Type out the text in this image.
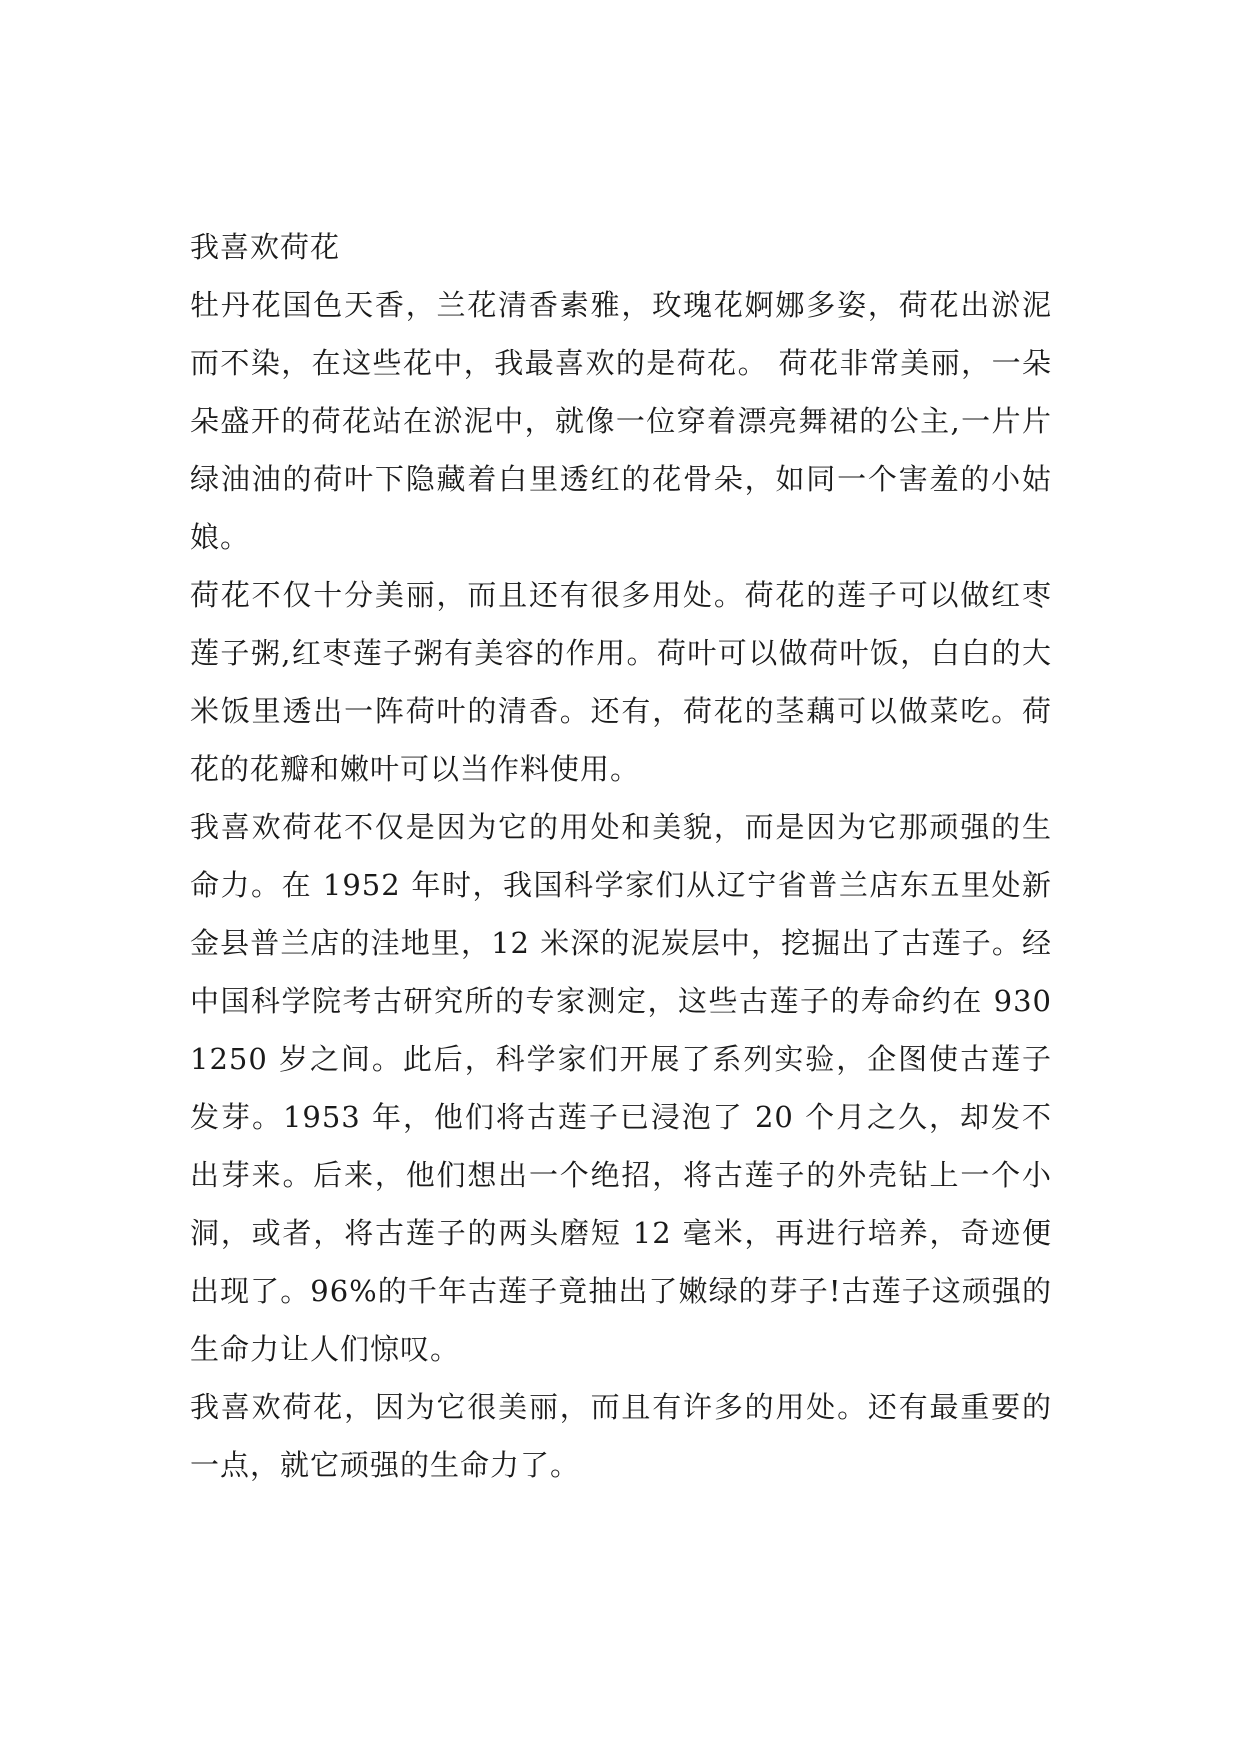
我喜欢荷花

牡丹花国色天香，兰花清香素雅，玫瑰花婀娜多姿，荷花出淤泥而不染，在这些花中，我最喜欢的是荷花。 荷花非常美丽，一朵朵盛开的荷花站在淤泥中，就像一位穿着漂亮舞裙的公主,一片片绿油油的荷叶下隐藏着白里透红的花骨朵，如同一个害羞的小姑娘。

荷花不仅十分美丽，而且还有很多用处。荷花的莲子可以做红枣莲子粥,红枣莲子粥有美容的作用。荷叶可以做荷叶饭，白白的大米饭里透出一阵荷叶的清香。还有，荷花的茎藕可以做菜吃。荷花的花瓣和嫩叶可以当作料使用。

我喜欢荷花不仅是因为它的用处和美貌，而是因为它那顽强的生命力。在 1952 年时，我国科学家们从辽宁省普兰店东五里处新金县普兰店的洼地里，12 米深的泥炭层中，挖掘出了古莲子。经中国科学院考古研究所的专家测定，这些古莲子的寿命约在 9301250 岁之间。此后，科学家们开展了系列实验，企图使古莲子发芽。1953 年，他们将古莲子已浸泡了 20 个月之久，却发不出芽来。后来，他们想出一个绝招，将古莲子的外壳钻上一个小洞，或者，将古莲子的两头磨短 12 毫米，再进行培养，奇迹便出现了。96%的千年古莲子竟抽出了嫩绿的芽子!古莲子这顽强的生命力让人们惊叹。

我喜欢荷花，因为它很美丽，而且有许多的用处。还有最重要的一点，就它顽强的生命力了。
